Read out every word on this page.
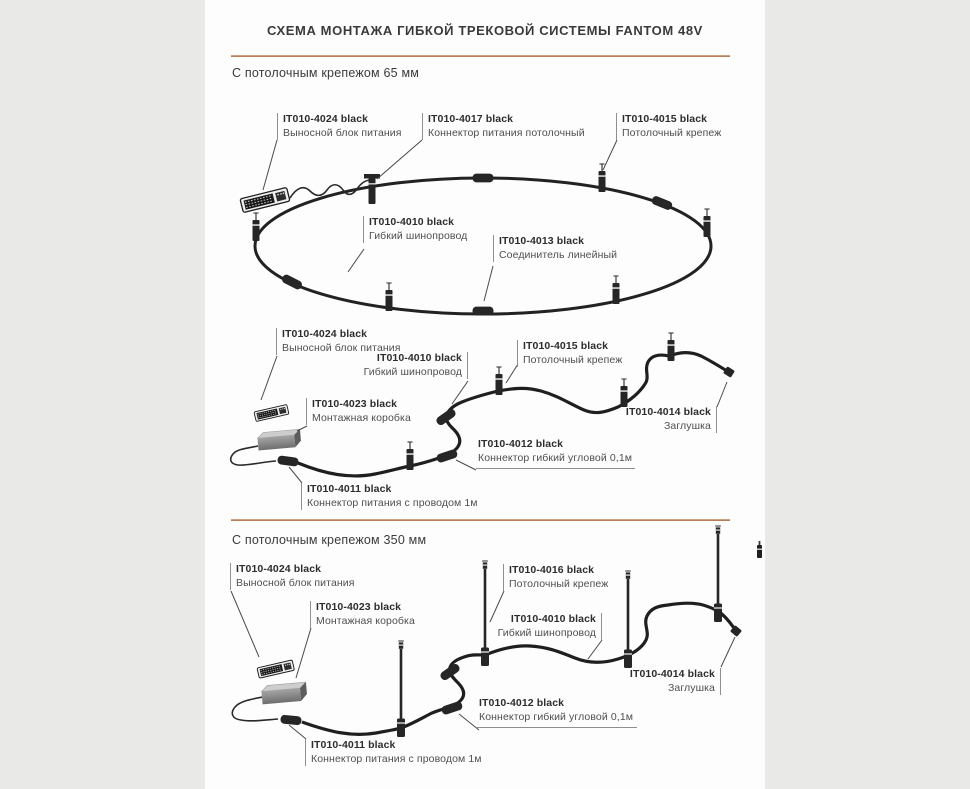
СХЕМА МОНТАЖА ГИБКОЙ ТРЕКОВОЙ СИСТЕМЫ FANTOM 48V
С потолочным крепежом 65 мм
С потолочным крепежом 350 мм
IT010-4024 black
Выносной блок питания
IT010-4017 black
Коннектор питания потолочный
IT010-4015 black
Потолочный крепеж
IT010-4010 black
Гибкий шинопровод	IT010-4013 black
Соединитель линейный
IT010-4024 black
Выносной блок питания
IT010-4010 black
Гибкий шинопровод
IT010-4015 black
Потолочный крепеж
IT010-4023 black
Монтажная коробка	IT010-4014 black
Заглушка
IT010-4012 black
Коннектор гибкий угловой 0,1м
IT010-4011 black
Коннектор питания с проводом 1м
IT010-4024 black
Выносной блок питания
IT010-4023 black
Монтажная коробка
IT010-4016 black
Потолочный крепеж
IT010-4010 black
Гибкий шинопровод
IT010-4014 black
Заглушка
IT010-4012 black
Коннектор гибкий угловой 0,1м
IT010-4011 black
Коннектор питания с проводом 1м
